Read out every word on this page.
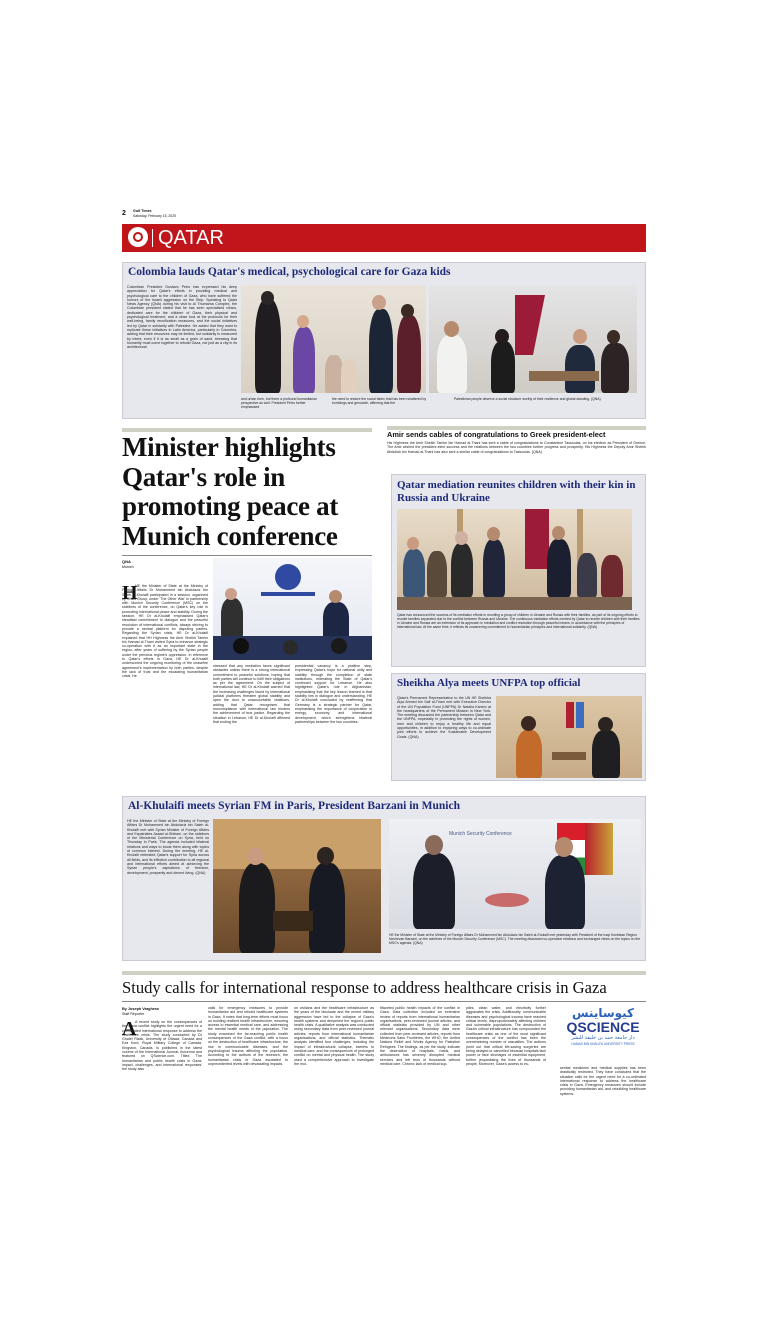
2 Gulf Times
Saturday, February 15, 2025
QATAR
Colombia lauds Qatar's medical, psychological care for Gaza kids
Colombian President Gustavo Petro has expressed his deep appreciation for Qatar's efforts in providing medical and psychological care to the children of Gaza, who have suffered the horrors of the Israeli aggression on the Strip. Speaking to Qatar News Agency (QNA) during his visit to Al Thumama Complex, the Colombian president stated that he has seen specialised clinics, dedicated care for the children of Gaza, their physical and psychological treatment, and a close look at the protocols for their well-being, family reunification measures, and the social initiatives led by Qatar in solidarity with Palestine. He added that they want to replicate these initiatives in Latin America, particularly in Colombia, adding that their resources may be limited, but solidarity is measured by intent, even if it is as small as a grain of sand, stressing that humanity must come together to rebuild Gaza, not just as a city in its architectural
and urban form, but there a profound humanitarian perspective as well. President Petro further emphasised
the need to restore the social fabric that has been shattered by bombings and genocide, affirming that the
Palestinian people deserve a social structure worthy of their resilience and global standing. (QNA)
Minister highlights Qatar's role in promoting peace at Munich conference
QNA
Munich
H
HE the Minister of State at the Ministry of Foreign Affairs Dr Mohammed bin Abdulaziz bin Saleh al-Khulaifi participated in a session, organised by Crisis Group, under 'The Other War' in partnership with Munich Security Conference (MSC) on the sidelines of the conference, on Qatar's key role in promoting international peace and stability. During the session, HE Dr al-Khulaifi emphasised Qatar's steadfast commitment to dialogue and the peaceful resolution of international conflicts, always striving to provide a neutral platform for disputing parties. Regarding the Syrian crisis, HE Dr al-Khulaifi explained that HH Highness the Amir Sheikh Tamim bin Hamad al-Thani visited Syria to enhance strategic co-operation with it as an important state in the region, after years of suffering by the Syrian people under the previous regime's oppression. In reference to Qatar's efforts in Gaza, HE Dr al-Khulaifi underscored the ongoing monitoring of the ceasefire agreement's implementation by both parties, despite the lack of trust and the escalating humanitarian crisis. He
stressed that any mediation faces significant obstacles unless there is a strong international commitment to peaceful solutions, hoping that both parties will continue to fulfil their obligations as per the agreement. On the subject of international law, HE Dr al-Khulaifi warned that the increasing challenges faced by international judicial platforms threaten global stability and open the door to unaccountable violations, adding that Qatar recognises that noncompliance with international law hinders the achievement of true justice. Regarding the situation in Lebanon, HE Dr al-Khulaifi affirmed that ending the
presidential vacancy is a positive step, expressing Qatar's hope for national unity and stability through the completion of state institutions, reiterating the State of Qatar's continued support for Lebanon. He also highlighted Qatar's role in Afghanistan, emphasising that the key lesson learned is that stability lies in dialogue and understanding. HE Dr al-Khulaifi concluded by reaffirming that Germany is a strategic partner for Qatar, emphasising the importance of cooperation in energy, economy, and international development, which strengthens bilateral partnerships between the two countries.
Amir sends cables of congratulations to Greek president-elect
His Highness the Amir Sheikh Tamim bin Hamad al-Thani has sent a cable of congratulations to Constantine Tassoulas, on his election as President of Greece. The Amir wished the president-elect success and the relations between the two countries further progress and prosperity. His Highness the Deputy Amir Sheikh Abdullah bin Hamad al-Thani has also sent a similar cable of congratulations to Tassoulas. (QNA)
Qatar mediation reunites children with their kin in Russia and Ukraine
Qatar has announced the success of its mediation efforts in reuniting a group of children in Ukraine and Russia with their families, as part of its ongoing efforts to reunite families separated due to the conflict between Russia and Ukraine. The continuous mediation efforts exerted by Qatar to reunite children with their families in Ukraine and Russia are an extension of its approach in mediation and conflict resolution through peaceful means, in accordance with the principles of international law. At the same time, it reflects its unwavering commitment to humanitarian principles and international solidarity. (QNA)
Sheikha Alya meets UNFPA top official
Qatar's Permanent Representative to the UN HE Sheikha Alya Ahmed bin Saif al-Thani met with Executive Director of the UN Population Fund (UNFPA) Dr Natalia Kanem at the headquarters of the Permanent Mission in New York. The meeting discussed the partnership between Qatar and the UNFPA, especially in promoting the rights of women, men and children to enjoy a healthy life and equal opportunities, in addition to exploring ways to co-ordinate joint efforts to achieve the Sustainable Development Goals. (QNA)
Al-Khulaifi meets Syrian FM in Paris, President Barzani in Munich
HE the Minister of State at the Ministry of Foreign Affairs Dr Mohammed bin Abdulaziz bin Saleh al-Khulaifi met with Syrian Minister of Foreign Affairs and Expatriates Asaad al-Shibani, on the sidelines of the Ministerial Conference on Syria, held on Thursday in Paris. The agenda included bilateral relations and ways to boost them along with topics of common interest. During the meeting, HE al-Khulaifi reiterated Qatar's support for Syria across all fields, and its effective contribution to all regional and international efforts aimed at achieving the Syrian people's aspirations of freedom, development, prosperity and decent living. (QNA)
Munich Security Conference
HE the Minister of State at the Ministry of Foreign Affairs Dr Mohammed bin Abdulaziz bin Saleh al-Khulaifi met yesterday with President of the Iraqi Kurdistan Region Nechirvan Barzani, on the sidelines of the Munich Security Conference (MSC). The meeting discussed co-operation relations and exchanged views on the topics on the MSC's agenda. (QNA)
Study calls for international response to address healthcare crisis in Gaza
By Joseph Varghese
Staff Reporter
A
A recent study on the consequences of the Gaza conflict highlights the urgent need for a coordinated international response to address the healthcare crisis. The study conducted by Dr Ghalef Rizak, University of Ottawa, Canada and Eza Kord, Royal Military College of Canada, Kingston, Canada, is published in the latest volume of the International Journal, Avicenna and featured on QScience.com. Titled 'The humanitarian and public health crisis in Gaza: impact, challenges, and international responses' the study also
calls for emergency measures to provide humanitarian aid and rebuild healthcare systems in Gaza. It notes that long-term efforts must focus on building resilient health infrastructure, ensuring access to essential medical care, and addressing the mental health needs of the population. The study examined the far-reaching public health consequences of the Gaza conflict, with a focus on the destruction of healthcare infrastructure, the rise in communicable diseases, and the psychological trauma affecting the population. According to the authors of the research, the humanitarian crisis in Gaza escalated to unprecedented levels with devastating impacts
on civilians and the healthcare infrastructure as the years of the blockade and the recent military aggression have led to the collapse of Gaza's health systems and deepened the region's public health crisis. A qualitative analysis was conducted using secondary data from peer-reviewed journal articles, reports from international humanitarian organisations, and official statistics. Thematic analysis identified four challenges, including the impact of infrastructural collapse, barriers to medical care, and the consequences of prolonged conflict on mental and physical health. The study used a comprehensive approach to investigate the mul-
tifaceted public health impacts of the conflict in Gaza. Data collection included an extensive review of reports from international humanitarian organisations, peer-reviewed journal articles, and official statistics provided by UN and other relevant organisations. Secondary data were collected from peer-reviewed articles, reports from Médecins Sans Frontières, the WHO, the United Nations Relief and Works Agency for Palestine Refugees. The findings, as per the study, indicate the destruction of hospitals, roads, and ambulances has severely disrupted medical services and left tens of thousands without medical care. Chronic lack of medical sup-
plies, clean water, and electricity further aggravates the crisis. Additionally, communicable diseases and psychological trauma have reached critical levels, disproportionately affecting children and vulnerable populations. The destruction of Gaza's critical infrastructure has compounded the healthcare crisis as one of the most significant consequences of the conflict has been the overwhelming number of casualties. The authors point out that critical life-saving surgeries are being delayed or cancelled because hospitals lack power or face shortages of essential equipment, further jeopardising the lives of thousands of people. Moreover, Gaza's access to es-
كيوساينس
QSCIENCE
دار جامعة حمد بن خليفة للنشر
HAMAD BIN KHALIFA UNIVERSITY PRESS
sential medicines and medical supplies has been drastically restricted. They have concluded that the situation calls for the urgent need for a co-ordinated international response to address the healthcare crisis in Gaza. Emergency measures should include providing humanitarian aid, and rebuilding healthcare systems.
